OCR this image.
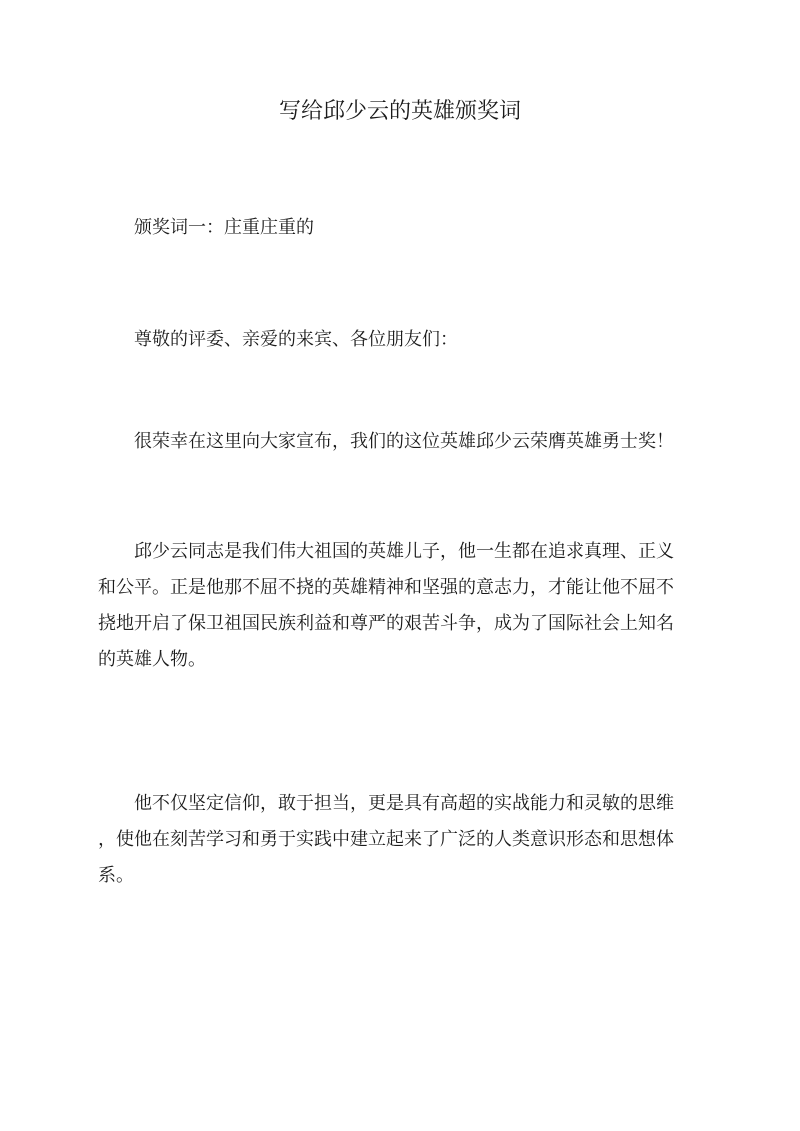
写给邱少云的英雄颁奖词

颁奖词一：庄重庄重的

尊敬的评委、亲爱的来宾、各位朋友们：

很荣幸在这里向大家宣布，我们的这位英雄邱少云荣膺英雄勇士奖！

邱少云同志是我们伟大祖国的英雄儿子，他一生都在追求真理、正义
和公平。正是他那不屈不挠的英雄精神和坚强的意志力，才能让他不屈不
挠地开启了保卫祖国民族利益和尊严的艰苦斗争，成为了国际社会上知名
的英雄人物。

他不仅坚定信仰，敢于担当，更是具有高超的实战能力和灵敏的思维
，使他在刻苦学习和勇于实践中建立起来了广泛的人类意识形态和思想体
系。
